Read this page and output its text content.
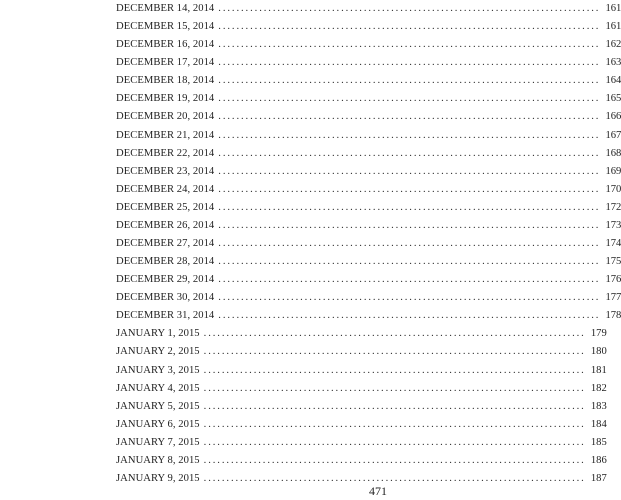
DECEMBER 14, 2014 .................................................................................... 161
DECEMBER 15, 2014 .................................................................................... 161
DECEMBER 16, 2014 .................................................................................... 162
DECEMBER 17, 2014 .................................................................................... 163
DECEMBER 18, 2014 .................................................................................... 164
DECEMBER 19, 2014 .................................................................................... 165
DECEMBER 20, 2014 .................................................................................... 166
DECEMBER 21, 2014 .................................................................................... 167
DECEMBER 22, 2014 .................................................................................... 168
DECEMBER 23, 2014 .................................................................................... 169
DECEMBER 24, 2014 .................................................................................... 170
DECEMBER 25, 2014 .................................................................................... 172
DECEMBER 26, 2014 .................................................................................... 173
DECEMBER 27, 2014 .................................................................................... 174
DECEMBER 28, 2014 .................................................................................... 175
DECEMBER 29, 2014 .................................................................................... 176
DECEMBER 30, 2014 .................................................................................... 177
DECEMBER 31, 2014 .................................................................................... 178
JANUARY 1, 2015 .................................................................................... 179
JANUARY 2, 2015 .................................................................................... 180
JANUARY 3, 2015 .................................................................................... 181
JANUARY 4, 2015 .................................................................................... 182
JANUARY 5, 2015 .................................................................................... 183
JANUARY 6, 2015 .................................................................................... 184
JANUARY 7, 2015 .................................................................................... 185
JANUARY 8, 2015 .................................................................................... 186
JANUARY 9, 2015 .................................................................................... 187
471
